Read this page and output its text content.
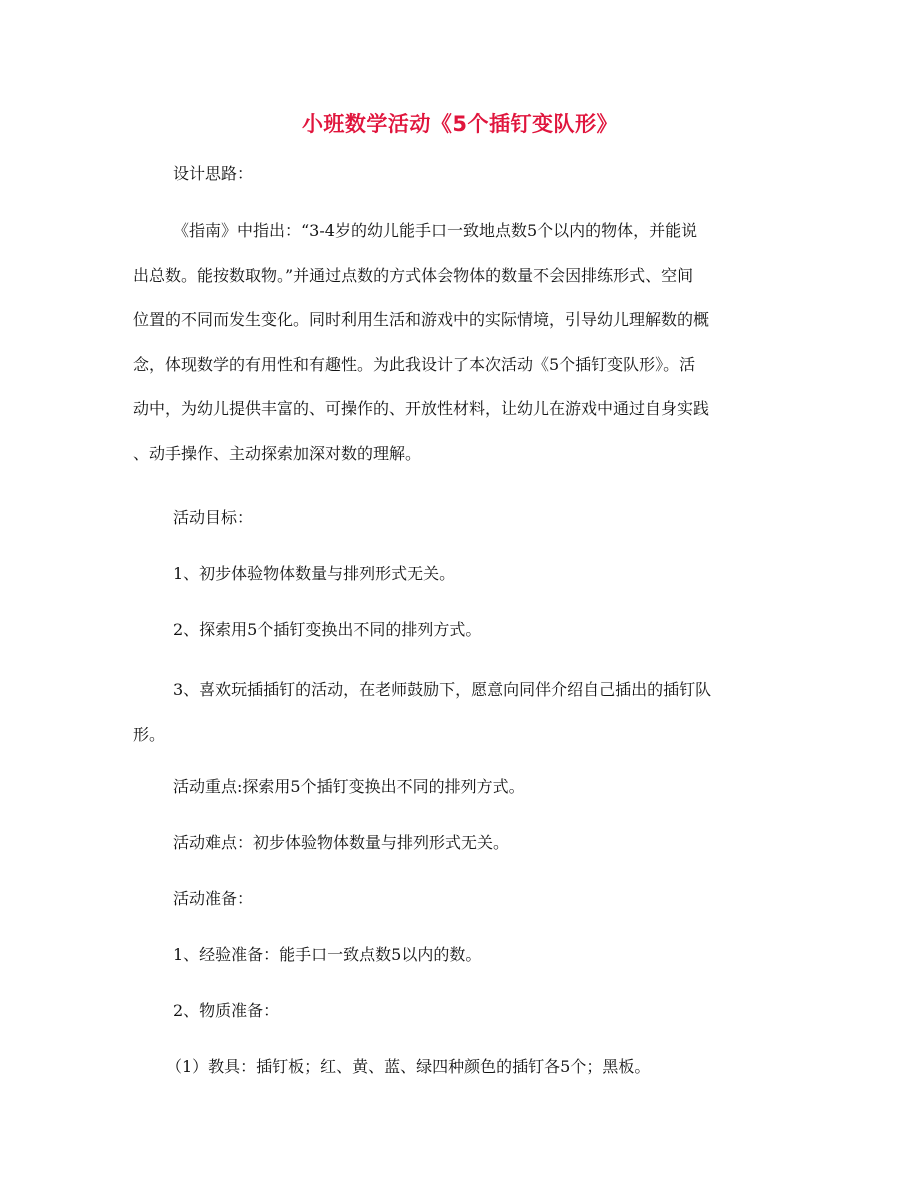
小班数学活动《5个插钉变队形》
设计思路：
《指南》中指出：“3-4岁的幼儿能手口一致地点数5个以内的物体，并能说
出总数。能按数取物。”并通过点数的方式体会物体的数量不会因排练形式、空间
位置的不同而发生变化。同时利用生活和游戏中的实际情境，引导幼儿理解数的概
念，体现数学的有用性和有趣性。为此我设计了本次活动《5个插钉变队形》。活
动中，为幼儿提供丰富的、可操作的、开放性材料，让幼儿在游戏中通过自身实践
、动手操作、主动探索加深对数的理解。
活动目标：
1、初步体验物体数量与排列形式无关。
2、探索用5个插钉变换出不同的排列方式。
3、喜欢玩插插钉的活动，在老师鼓励下，愿意向同伴介绍自己插出的插钉队
形。
活动重点:探索用5个插钉变换出不同的排列方式。
活动难点：初步体验物体数量与排列形式无关。
活动准备：
1、经验准备：能手口一致点数5以内的数。
2、物质准备：
（1）教具：插钉板；红、黄、蓝、绿四种颜色的插钉各5个；黑板。
